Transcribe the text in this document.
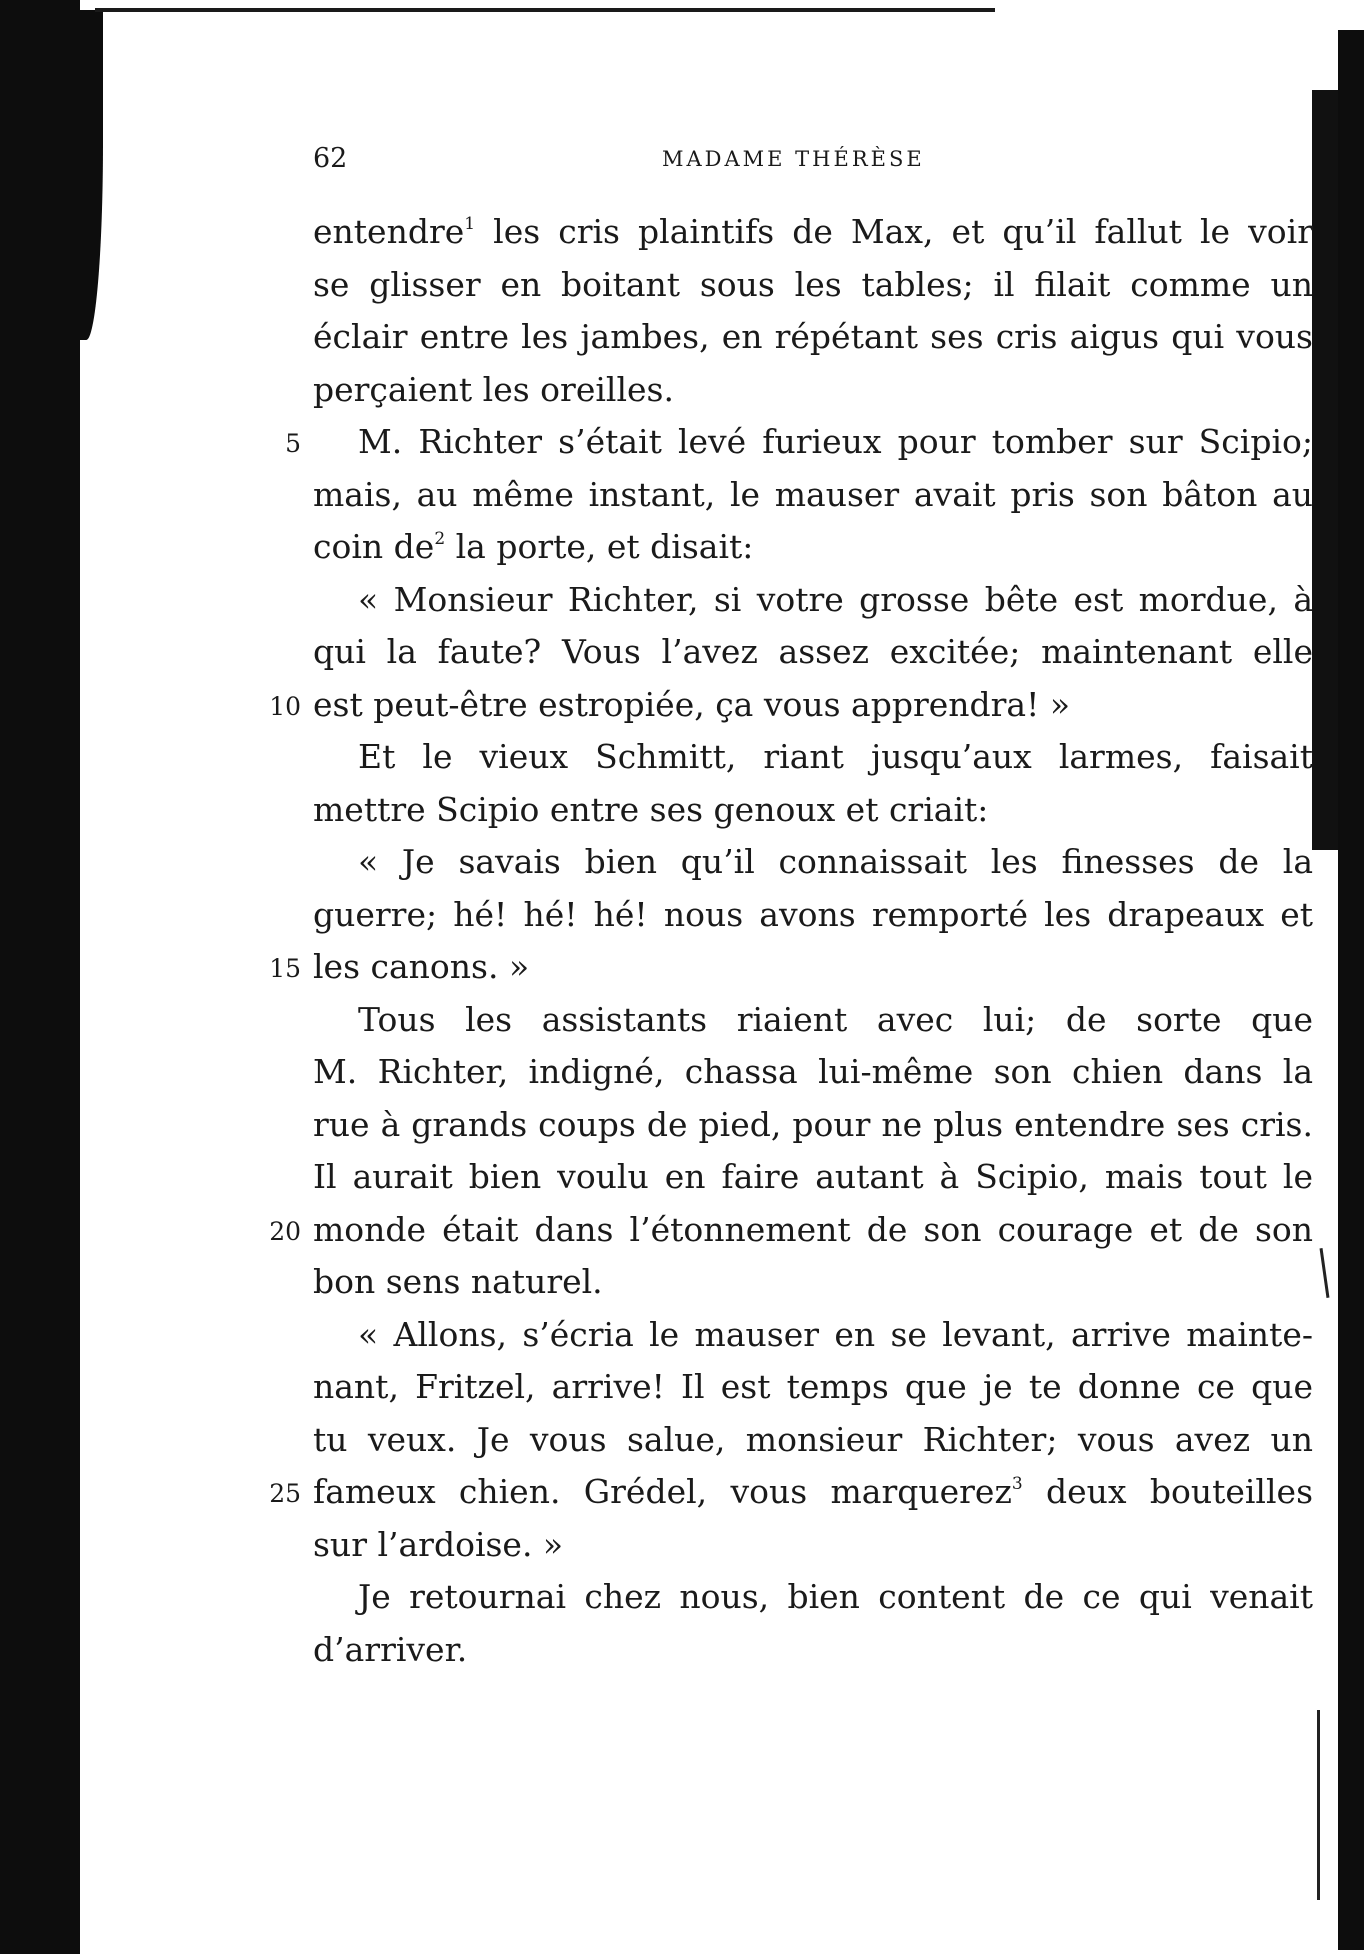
62	MADAME THÉRÈSE
entendre$^1$ les cris plaintifs de Max, et qu’il fallut le voir
se glisser en boitant sous les tables; il filait comme un
éclair entre les jambes, en répétant ses cris aigus qui vous
perçaient les oreilles.
5	M. Richter s’était levé furieux pour tomber sur Scipio;
mais, au même instant, le mauser avait pris son bâton au
coin $de^2$ la porte, et disait:
« Monsieur Richter, si votre grosse bête est mordue, à
qui la faute? Vous l’avez assez excitée; maintenant elle
10 est peut-être estropiée, ça vous apprendra! »
Et le vieux Schmitt, riant jusqu’aux larmes, faisait
mettre Scipio entre ses genoux et criait:
« Je savais bien qu’il connaissait les finesses de la
guerre; hé! hé! hé! nous avons remporté les drapeaux et
15 les canons. »
Tous les assistants riaient avec lui; de sorte que
M. Richter, indigné, chassa lui-même son chien dans la
rue à grands coups de pied, pour ne plus entendre ses cris.
Il aurait bien voulu en faire autant à Scipio, mais tout le
20 monde était dans l’étonnement de son courage et de son
bon sens naturel.
« Allons, s’écria le mauser en se levant, arrive mainte-
nant, Fritzel, arrive! Il est temps que je te donne ce que
tu veux. Je vous salue, monsieur Richter; vous avez un
25 fameux chien. Grédel, vous marquerez$^3$ deux bouteilles
sur l’ardoise. »
Je retournai chez nous, bien content de ce qui venait
d’arriver.
